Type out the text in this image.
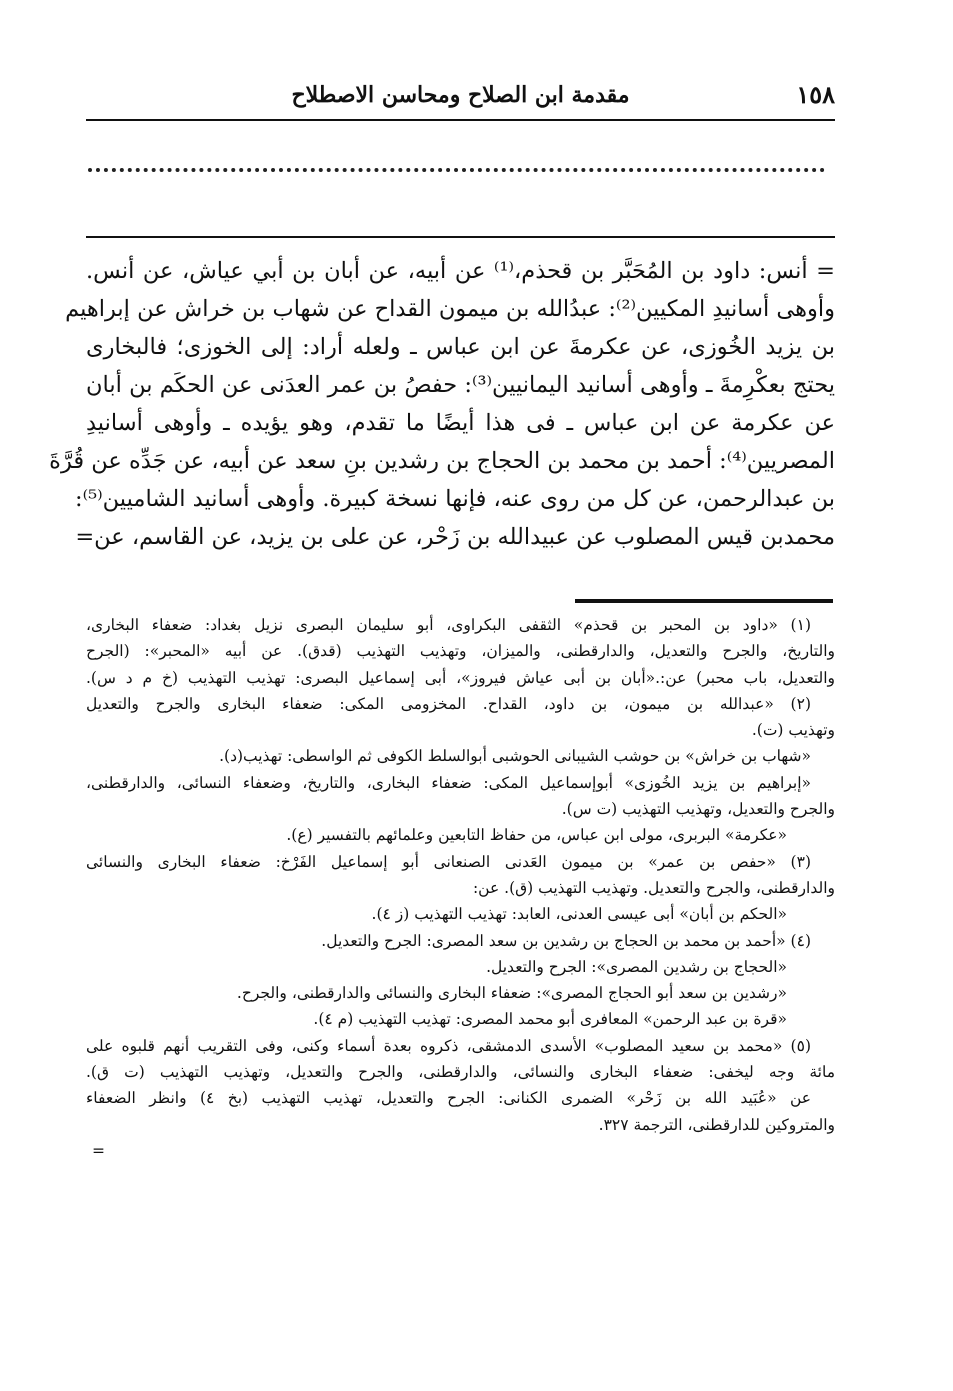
١٥٨
مقدمة ابن الصلاح ومحاسن الاصطلاح
= أنس: داود بن المُحَبَّر بن قحذم،⁽¹⁾ عن أبيه، عن أبان بن أبي عياش، عن أنس.
وأوهى أسانيدِ المكيين⁽²⁾: عبدُالله بن ميمون القداح عن شهاب بن خراش عن إبراهيم
بن يزيد الخُوزى، عن عكرمةَ عن ابن عباس ـ ولعله أراد: إلى الخوزى؛ فالبخارى
يحتج بعكْرِمةَ ـ وأوهى أسانيد اليمانيين⁽³⁾: حفصُ بن عمر العدَنى عن الحكَم بن أبان
عن عكرمة عن ابن عباس ـ فى هذا أيضًا ما تقدم، وهو يؤيده ـ وأوهى أسانيدِ
المصريين⁽⁴⁾: أحمد بن محمد بن الحجاج بن رشدين بنِ سعد عن أبيه، عن جَدِّه عن قُرَّةَ
بن عبدالرحمن، عن كل من روى عنه، فإنها نسخة كبيرة. وأوهى أسانيد الشاميين⁽⁵⁾:
محمدبن قيس المصلوب عن عبيدالله بن زَحْر، عن على بن يزيد، عن القاسم، عن=
(١) «داود بن المحبر بن قحذم» الثقفى البكراوى، أبو سليمان البصرى نزيل بغداد: ضعفاء البخارى،
والتاريخ، والجرح والتعديل، والدارقطنى، والميزان، وتهذيب التهذيب (قدق). عن أبيه «المحبر»: (الجرح
والتعديل، باب محبر) عن:.«أبان بن أبى عياش فيروز»، أبى إسماعيل البصرى: تهذيب التهذيب (خ م د س).
(٢) «عبدالله بن ميمون، بن داود، القداح. المخزومى المكى: ضعفاء البخارى والجرح والتعديل
وتهذيب (ت).
«شهاب بن خراش» بن حوشب الشيبانى الحوشبى أبوالسلط الكوفى ثم الواسطى: تهذيب(د).
«إبراهيم بن يزيد الخُوزى» أبوإسماعيل المكى: ضعفاء البخارى، والتاريخ، وضعفاء النسائى، والدارقطنى،
والجرح والتعديل، وتهذيب التهذيب (ت س).
«عكرمة» البربرى، مولى ابن عباس، من حفاظ التابعين وعلمائهم بالتفسير (ع).
(٣) «حفص بن عمر» بن ميمون العَدنى الصنعانى أبو إسماعيل الفَرْخ: ضعفاء البخارى والنسائى
والدارقطنى، والجرح والتعديل. وتهذيب التهذيب (ق). عن:
«الحكم بن أبان» أبى عيسى العدنى، العابد: تهذيب التهذيب (ز ٤).
(٤) «أحمد بن محمد بن الحجاج بن رشدين بن سعد المصرى: الجرح والتعديل.
«الحجاج بن رشدين المصرى»: الجرح والتعديل.
«رشدين بن سعد أبو الحجاج المصرى»: ضعفاء البخارى والنسائى والدارقطنى، والجرح.
«قرة بن عبد الرحمن» المعافرى أبو محمد المصرى: تهذيب التهذيب (م ٤).
(٥) «محمد بن سعيد المصلوب» الأسدى الدمشقى، ذكروه بعدة أسماء وكنى، وفى التقريب أنهم قلبوه على
مائة وجه ليخفى: ضعفاء البخارى والنسائى، والدارقطنى، والجرح والتعديل، وتهذيب التهذيب (ت ق).
عن «عُبَيد الله بن زَحْر» الضمرى الكنانى: الجرح والتعديل، تهذيب التهذيب (بخ ٤) وانظر الضعفاء
والمتروكين للدارقطنى، الترجمة ٣٢٧.
=
